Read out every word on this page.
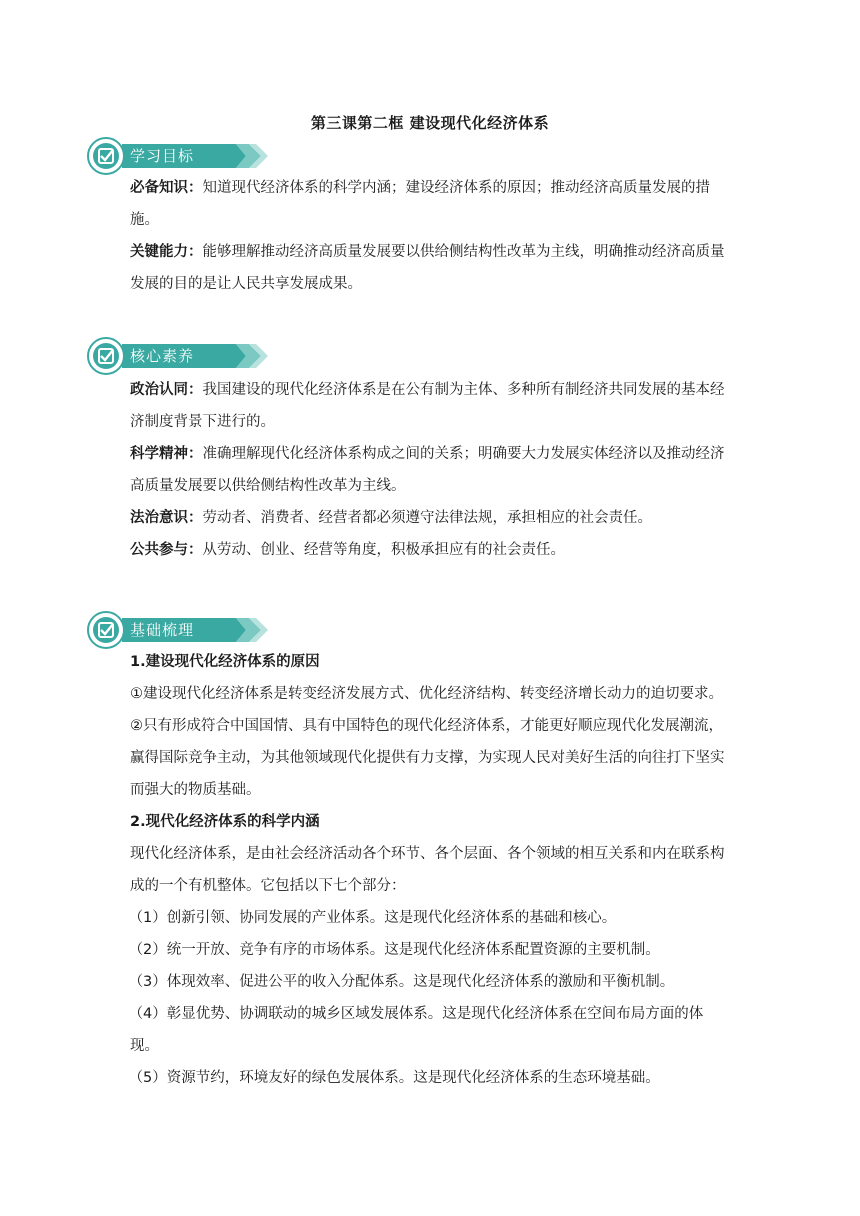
第三课第二框 建设现代化经济体系
学习目标

必备知识：知道现代经济体系的科学内涵；建设经济体系的原因；推动经济高质量发展的措施。

关键能力：能够理解推动经济高质量发展要以供给侧结构性改革为主线，明确推动经济高质量发展的目的是让人民共享发展成果。

核心素养

政治认同：我国建设的现代化经济体系是在公有制为主体、多种所有制经济共同发展的基本经济制度背景下进行的。

科学精神：准确理解现代化经济体系构成之间的关系；明确要大力发展实体经济以及推动经济高质量发展要以供给侧结构性改革为主线。

法治意识：劳动者、消费者、经营者都必须遵守法律法规，承担相应的社会责任。

公共参与：从劳动、创业、经营等角度，积极承担应有的社会责任。

基础梳理

1.建设现代化经济体系的原因

①建设现代化经济体系是转变经济发展方式、优化经济结构、转变经济增长动力的迫切要求。

②只有形成符合中国国情、具有中国特色的现代化经济体系，才能更好顺应现代化发展潮流，赢得国际竞争主动，为其他领域现代化提供有力支撑，为实现人民对美好生活的向往打下坚实而强大的物质基础。

2.现代化经济体系的科学内涵

现代化经济体系，是由社会经济活动各个环节、各个层面、各个领域的相互关系和内在联系构成的一个有机整体。它包括以下七个部分：

（1）创新引领、协同发展的产业体系。这是现代化经济体系的基础和核心。

（2）统一开放、竞争有序的市场体系。这是现代化经济体系配置资源的主要机制。

（3）体现效率、促进公平的收入分配体系。这是现代化经济体系的激励和平衡机制。

（4）彰显优势、协调联动的城乡区域发展体系。这是现代化经济体系在空间布局方面的体现。

（5）资源节约，环境友好的绿色发展体系。这是现代化经济体系的生态环境基础。
